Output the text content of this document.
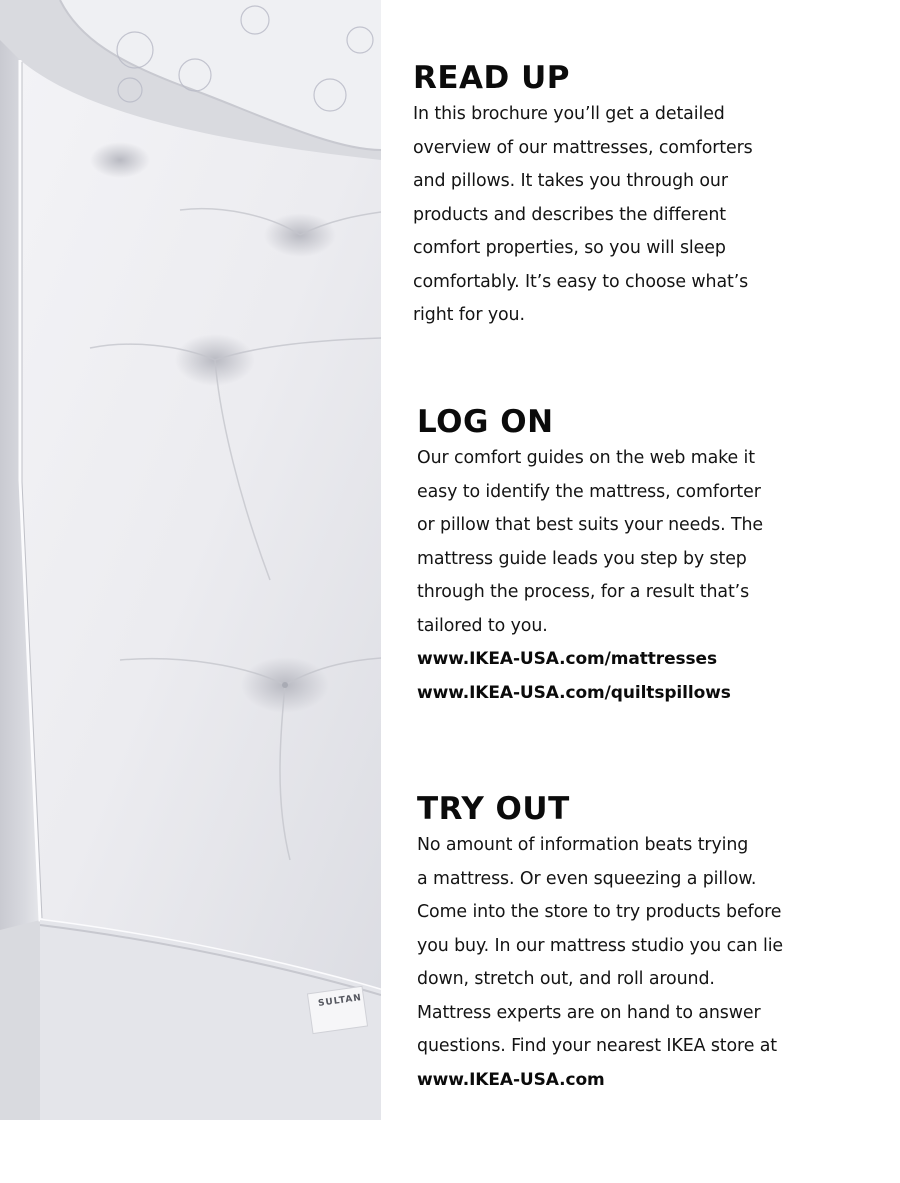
SULTAN
READ UP

In this brochure you’ll get a detailed
overview of our mattresses, comforters
and pillows. It takes you through our
products and describes the different
comfort properties, so you will sleep
comfortably. It’s easy to choose what’s
right for you.

LOG ON

Our comfort guides on the web make it
easy to identify the mattress, comforter
or pillow that best suits your needs. The
mattress guide leads you step by step
through the process, for a result that’s
tailored to you.
www.IKEA-USA.com/mattresses
www.IKEA-USA.com/quiltspillows

TRY OUT

No amount of information beats trying
a mattress. Or even squeezing a pillow.
Come into the store to try products before
you buy. In our mattress studio you can lie
down, stretch out, and roll around.
Mattress experts are on hand to answer
questions. Find your nearest IKEA store at
www.IKEA-USA.com
